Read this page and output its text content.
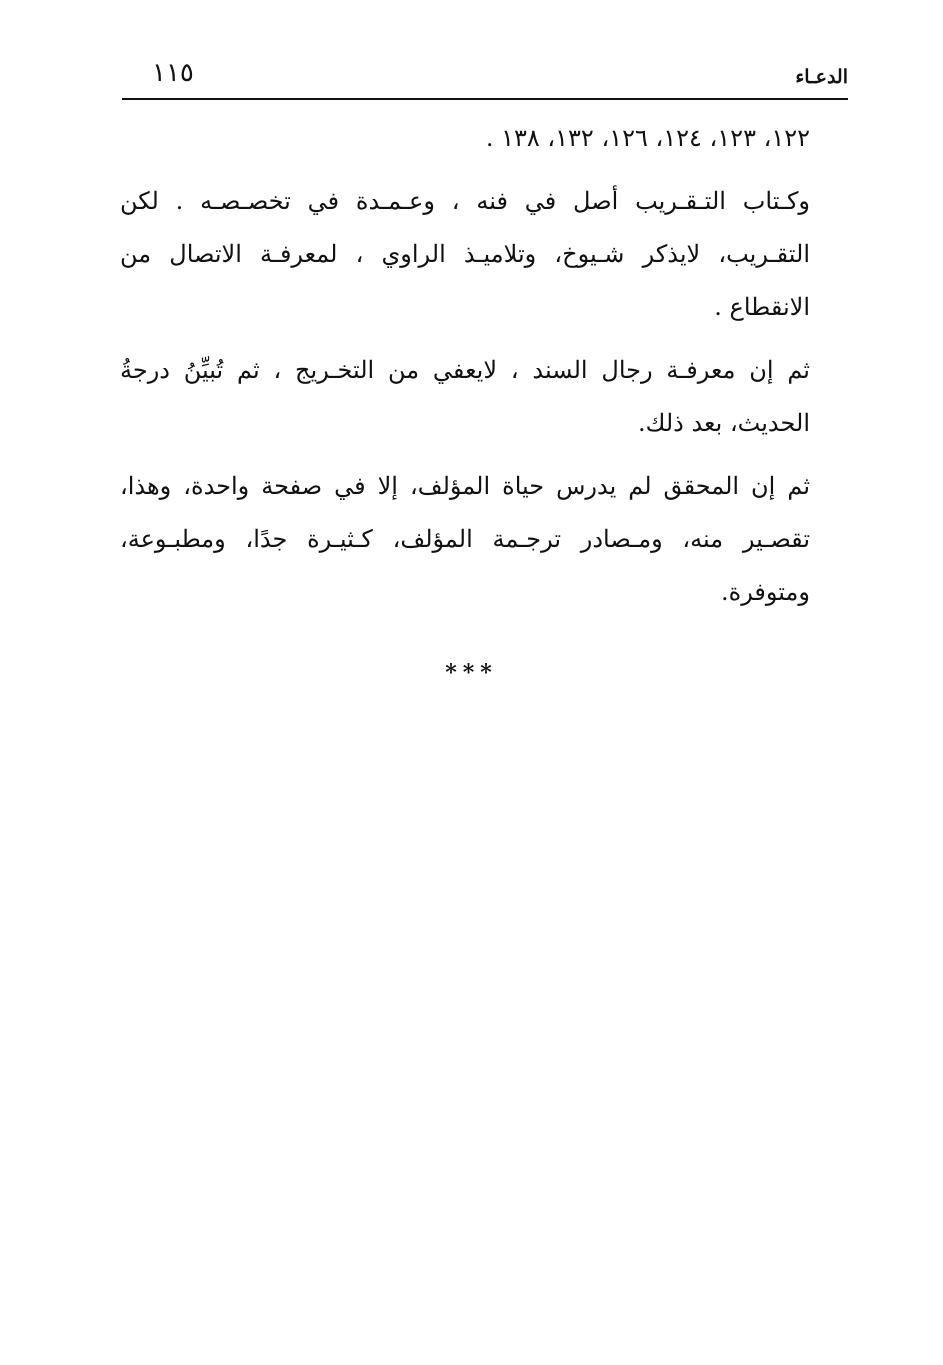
الدعـاء
١١٥

١٢٢، ١٢٣، ١٢٤، ١٢٦، ١٣٢، ١٣٨ .

وكـتاب التـقـريب أصل في فنه ، وعـمـدة في تخصـصـه . لكن التقـريب، لايذكر شـيوخ، وتلاميـذ الراوي ، لمعرفـة الاتصال من الانقطاع .

ثم إن معرفـة رجال السند ، لايعفي من التخـريج ، ثم تُبيِّنُ درجةُ الحديث، بعد ذلك.

ثم إن المحقق لم يدرس حياة المؤلف، إلا في صفحة واحدة، وهذا، تقصـير منه، ومـصادر ترجـمة المؤلف، كـثيـرة جدًا، ومطبـوعة، ومتوفرة.

***
